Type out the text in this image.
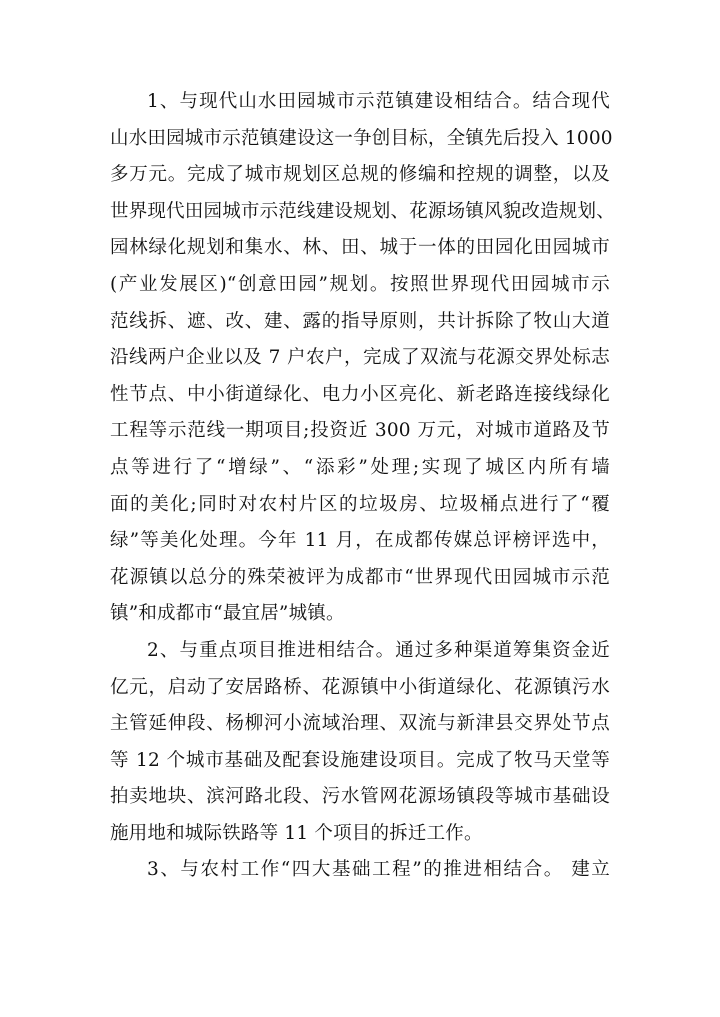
1、与现代山水田园城市示范镇建设相结合。结合现代
山水田园城市示范镇建设这一争创目标，全镇先后投入 1000
多万元。完成了城市规划区总规的修编和控规的调整，以及
世界现代田园城市示范线建设规划、花源场镇风貌改造规划、
园林绿化规划和集水、林、田、城于一体的田园化田园城市
(产业发展区)“创意田园”规划。按照世界现代田园城市示
范线拆、遮、改、建、露的指导原则，共计拆除了牧山大道
沿线两户企业以及 7 户农户，完成了双流与花源交界处标志
性节点、中小街道绿化、电力小区亮化、新老路连接线绿化
工程等示范线一期项目;投资近 300 万元，对城市道路及节
点等进行了“增绿”、“添彩”处理;实现了城区内所有墙
面的美化;同时对农村片区的垃圾房、垃圾桶点进行了“覆
绿”等美化处理。今年 11 月，在成都传媒总评榜评选中，
花源镇以总分的殊荣被评为成都市“世界现代田园城市示范
镇”和成都市“最宜居”城镇。
2、与重点项目推进相结合。通过多种渠道筹集资金近
亿元，启动了安居路桥、花源镇中小街道绿化、花源镇污水
主管延伸段、杨柳河小流域治理、双流与新津县交界处节点
等 12 个城市基础及配套设施建设项目。完成了牧马天堂等
拍卖地块、滨河路北段、污水管网花源场镇段等城市基础设
施用地和城际铁路等 11 个项目的拆迁工作。
3、与农村工作“四大基础工程”的推进相结合。 建立
